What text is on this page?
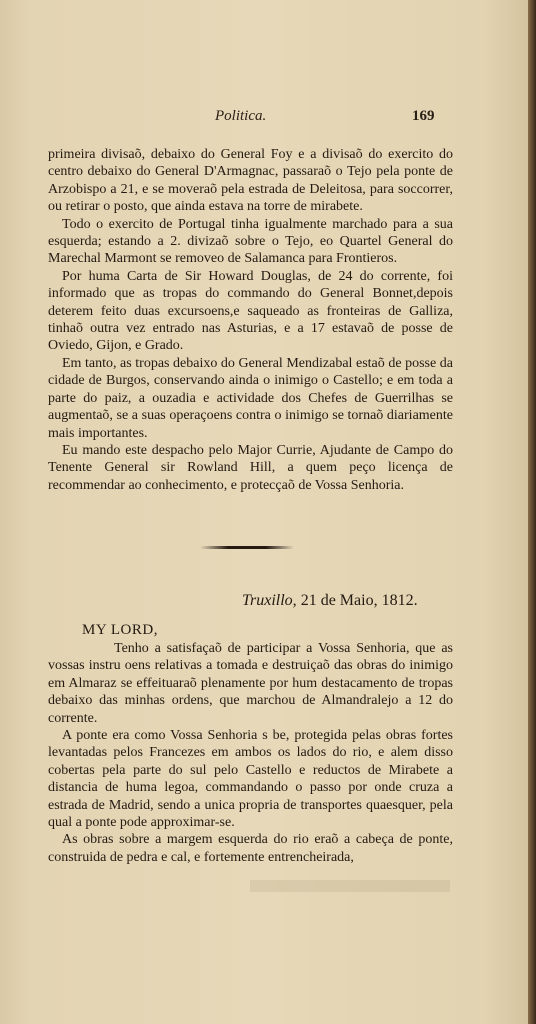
Politica.	169

primeira divisaõ, debaixo do General Foy e a divisaõ do exercito do centro debaixo do General D'Armagnac, passaraõ o Tejo pela ponte de Arzobispo a 21, e se moveraõ pela estrada de Deleitosa, para soccorrer, ou retirar o posto, que ainda estava na torre de mirabete.

Todo o exercito de Portugal tinha igualmente marchado para a sua esquerda; estando a 2. divizaõ sobre o Tejo, eo Quartel General do Marechal Marmont se removeo de Salamanca para Frontieros.

Por huma Carta de Sir Howard Douglas, de 24 do corrente, foi informado que as tropas do commando do General Bonnet,depois deterem feito duas excursoens,e saqueado as fronteiras de Galliza, tinhaõ outra vez entrado nas Asturias, e a 17 estavaõ de posse de Oviedo, Gijon, e Grado.

Em tanto, as tropas debaixo do General Mendizabal estaõ de posse da cidade de Burgos, conservando ainda o inimigo o Castello; e em toda a parte do paiz, a ouzadia e actividade dos Chefes de Guerrilhas se augmentaõ, se a suas operaçoens contra o inimigo se tornaõ diariamente mais importantes.

Eu mando este despacho pelo Major Currie, Ajudante de Campo do Tenente General sir Rowland Hill, a quem peço licença de recommendar ao conhecimento, e protecçaõ de Vossa Senhoria.

Truxillo, 21 de Maio, 1812.
MY LORD,

Tenho a satisfaçaõ de participar a Vossa Senhoria, que as vossas instru oens relativas a tomada e destruiçaõ das obras do inimigo em Almaraz se effeituaraõ plenamente por hum destacamento de tropas debaixo das minhas ordens, que marchou de Almandralejo a 12 do corrente.

A ponte era como Vossa Senhoria s be, protegida pelas obras fortes levantadas pelos Francezes em ambos os lados do rio, e alem disso cobertas pela parte do sul pelo Castello e reductos de Mirabete a distancia de huma legoa, commandando o passo por onde cruza a estrada de Madrid, sendo a unica propria de transportes quaesquer, pela qual a ponte pode approximar-se.

As obras sobre a margem esquerda do rio eraõ a cabeça de ponte, construida de pedra e cal, e fortemente entrencheirada,
